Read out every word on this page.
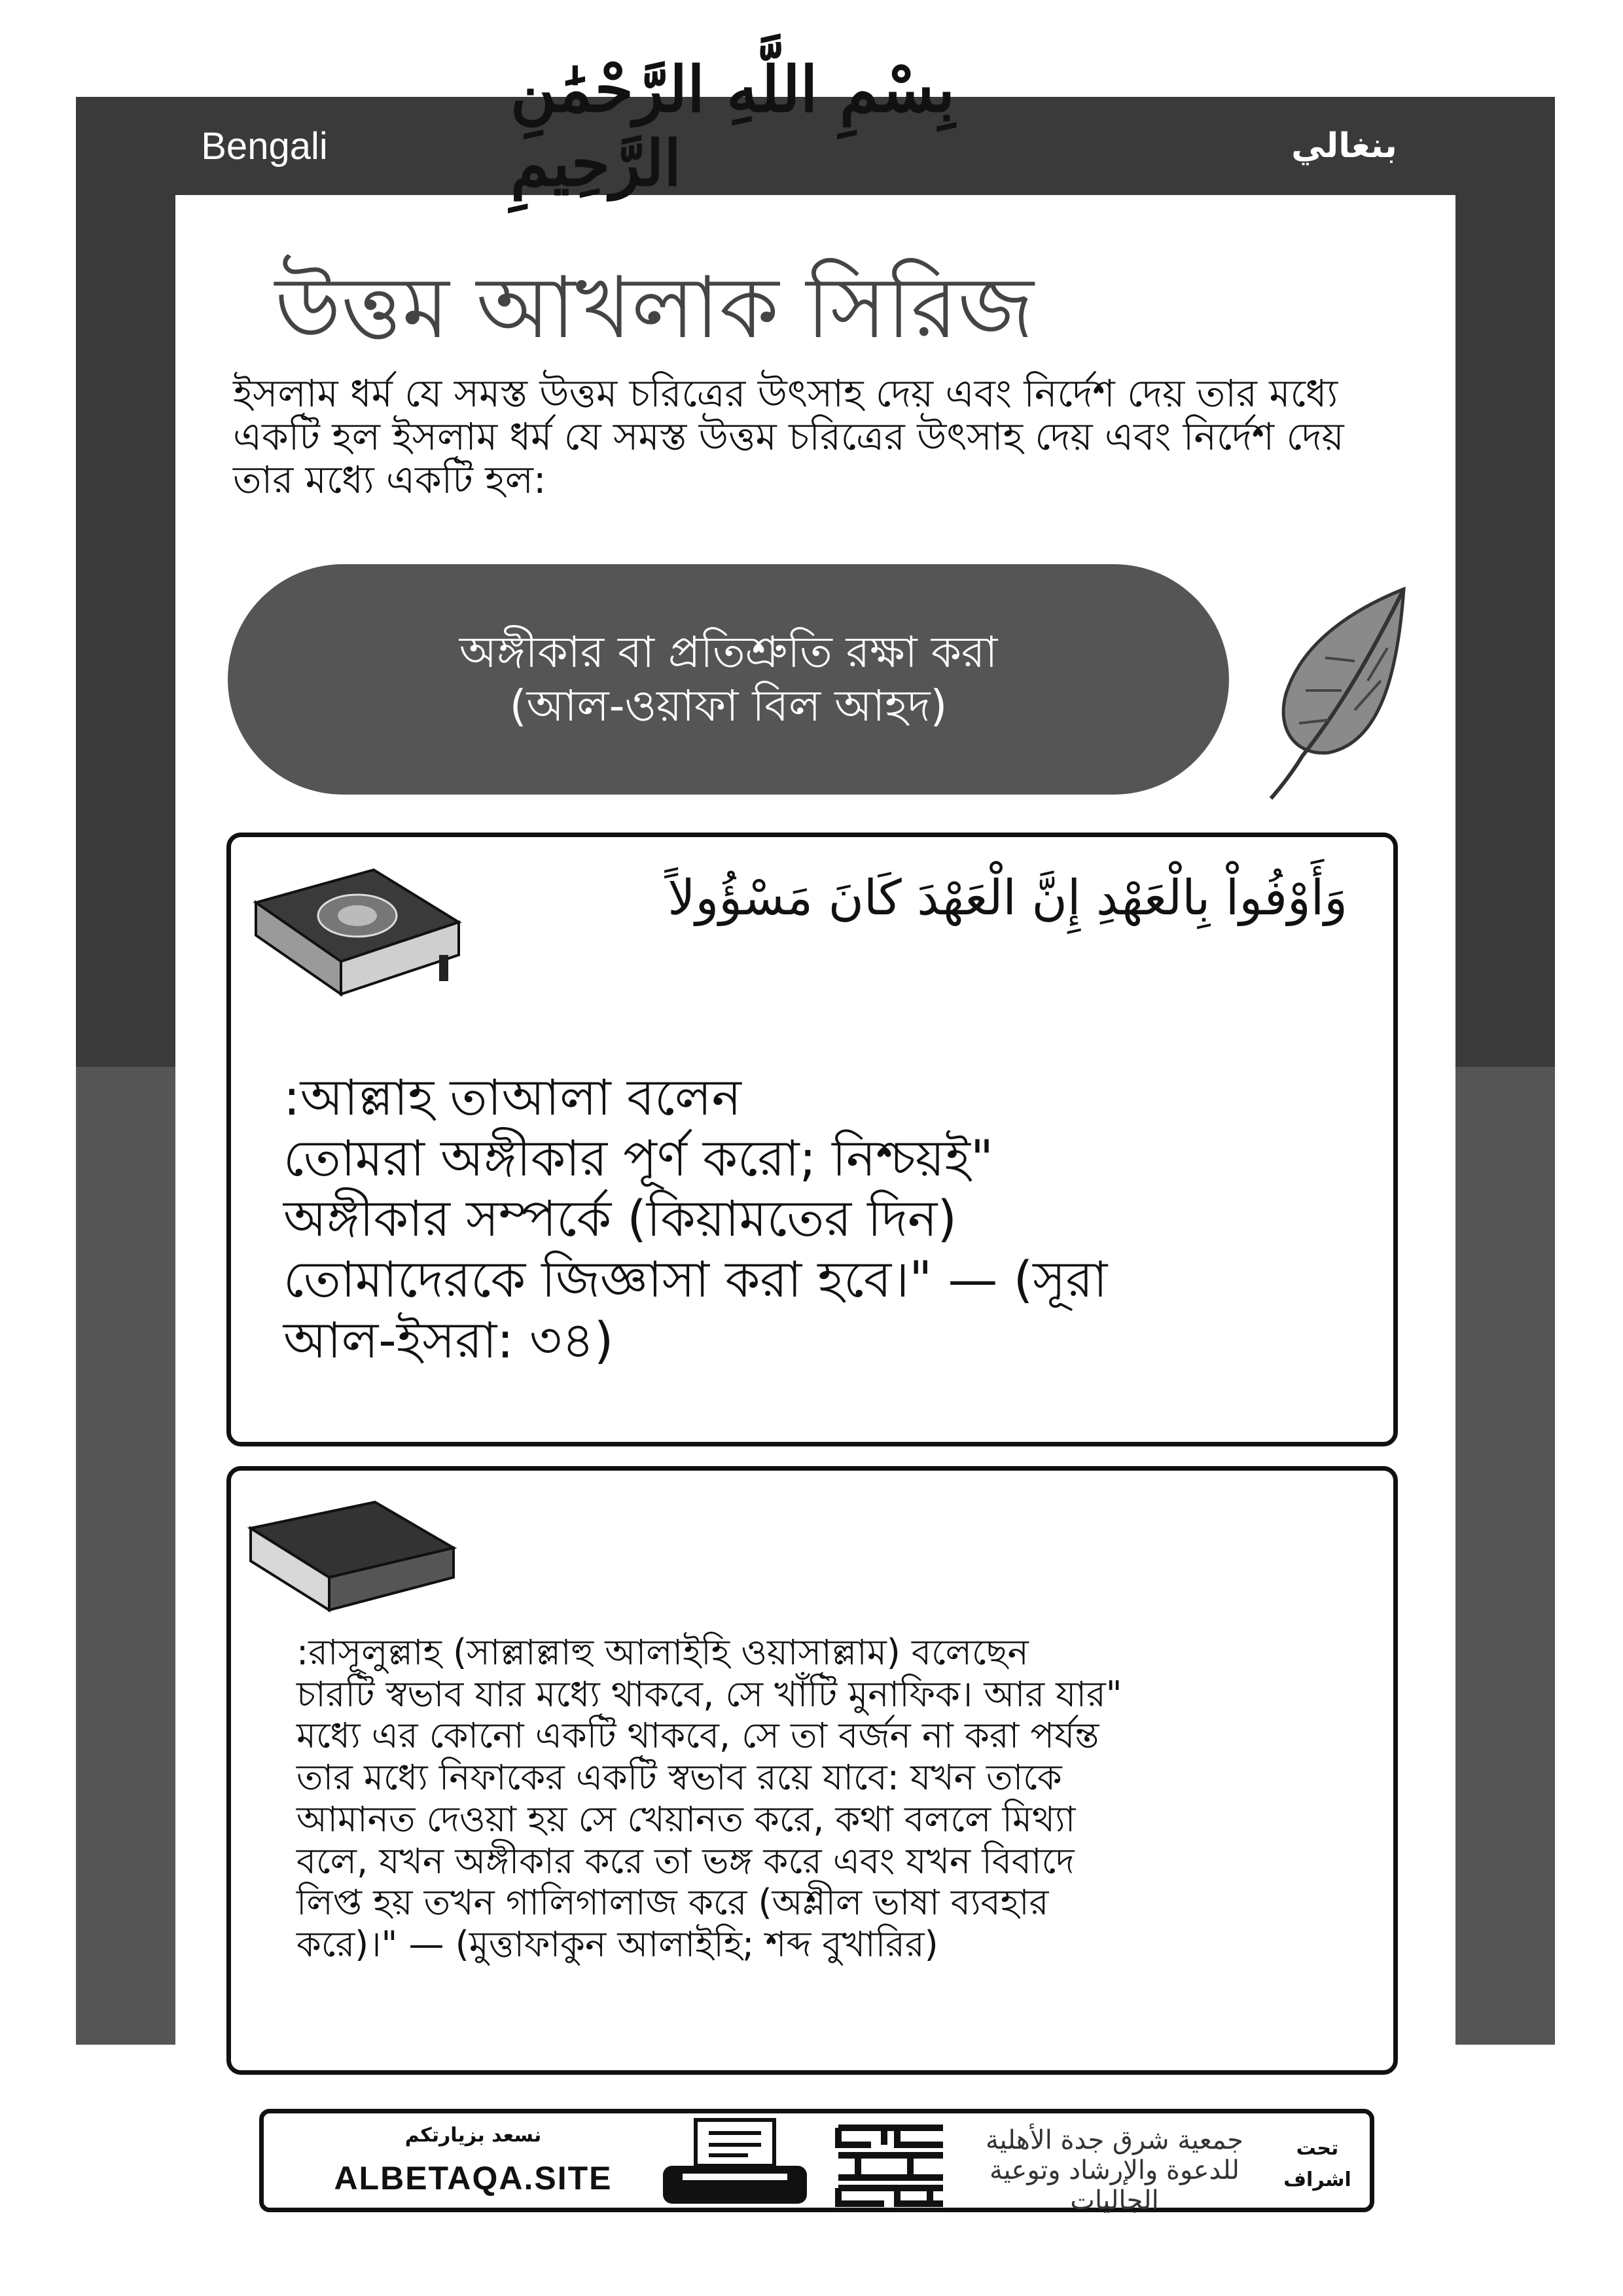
Bengali	بنغالي
بِسْمِ اللَّهِ الرَّحْمَٰنِ الرَّحِيمِ
উত্তম আখলাক সিরিজ
ইসলাম ধর্ম যে সমস্ত উত্তম চরিত্রের উৎসাহ দেয় এবং নির্দেশ দেয় তার মধ্যে একটি হল ইসলাম ধর্ম যে সমস্ত উত্তম চরিত্রের উৎসাহ দেয় এবং নির্দেশ দেয় তার মধ্যে একটি হল:
অঙ্গীকার বা প্রতিশ্রুতি রক্ষা করা
(আল-ওয়াফা বিল আহদ)
وَأَوْفُواْ بِالْعَهْدِ إِنَّ الْعَهْدَ كَانَ مَسْؤُولاً
:আল্লাহ তাআলা বলেন
তোমরা অঙ্গীকার পূর্ণ করো; নিশ্চয়ই"
অঙ্গীকার সম্পর্কে (কিয়ামতের দিন)
তোমাদেরকে জিজ্ঞাসা করা হবে।" — (সূরা
আল-ইসরা: ৩৪)
:রাসূলুল্লাহ (সাল্লাল্লাহু আলাইহি ওয়াসাল্লাম) বলেছেন
চারটি স্বভাব যার মধ্যে থাকবে, সে খাঁটি মুনাফিক। আর যার"
মধ্যে এর কোনো একটি থাকবে, সে তা বর্জন না করা পর্যন্ত
তার মধ্যে নিফাকের একটি স্বভাব রয়ে যাবে: যখন তাকে
আমানত দেওয়া হয় সে খেয়ানত করে, কথা বললে মিথ্যা
বলে, যখন অঙ্গীকার করে তা ভঙ্গ করে এবং যখন বিবাদে
লিপ্ত হয় তখন গালিগালাজ করে (অশ্লীল ভাষা ব্যবহার
করে)।" — (মুত্তাফাকুন আলাইহি; শব্দ বুখারির)
نسعد بزيارتكم
ALBETAQA.SITE
جمعية شرق جدة الأهلية للدعوة والإرشاد وتوعية الجاليات
تحت
اشراف
